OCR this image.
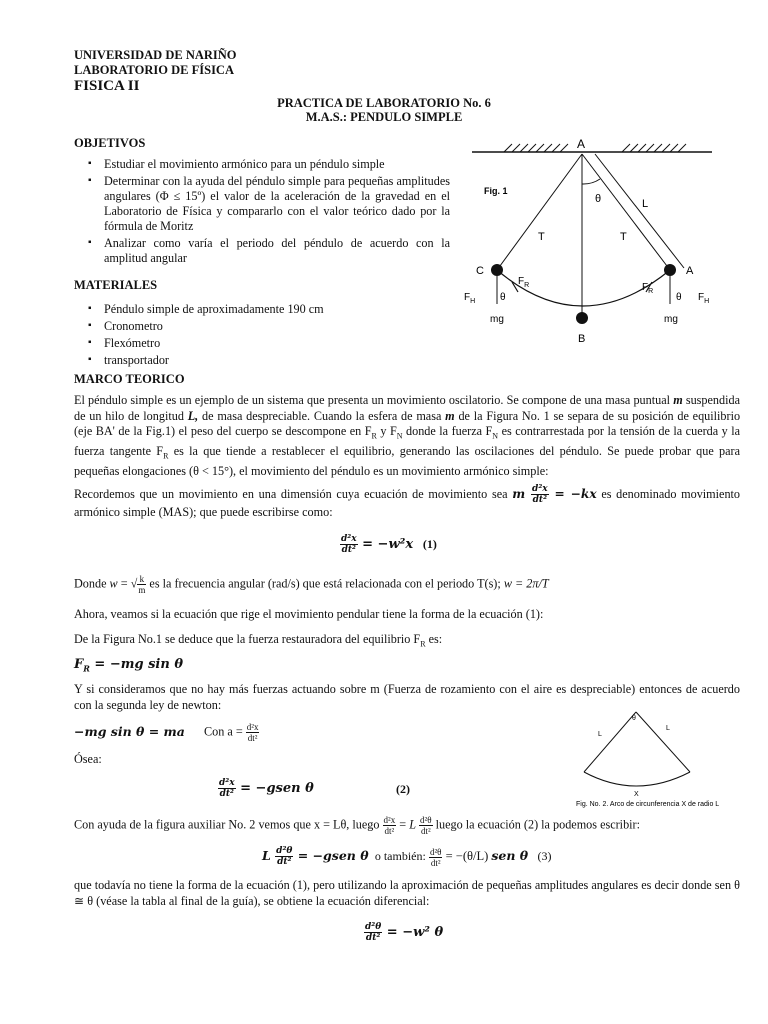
UNIVERSIDAD DE NARIÑO
LABORATORIO DE FÍSICA
FISICA II
PRACTICA DE LABORATORIO No. 6
M.A.S.: PENDULO SIMPLE
OBJETIVOS
▪ Estudiar el movimiento armónico para un péndulo simple
▪ Determinar con la ayuda del péndulo simple para pequeñas amplitudes angulares (Φ ≤ 15º) el valor de la aceleración de la gravedad en el Laboratorio de Física y compararlo con el valor teórico dado por la fórmula de Moritz
▪ Analizar como varía el periodo del péndulo de acuerdo con la amplitud angular
MATERIALES
▪ Péndulo simple de aproximadamente 190 cm
▪ Cronometro
▪ Flexómetro
▪ transportador
A
Fig. 1
θ	L
T	T
C	A
B
mg	mg
θ	θ
$F_R$	$F_R$
$F_H$	$F_H$
MARCO TEORICO
El péndulo simple es un ejemplo de un sistema que presenta un movimiento oscilatorio. Se compone de una masa puntual m suspendida de un hilo de longitud L, de masa despreciable. Cuando la esfera de masa m de la Figura No. 1 se separa de su posición de equilibrio (eje BA' de la Fig.1) el peso del cuerpo se descompone en $F_R$ y $F_N$ donde la fuerza $F_N$ es contrarrestada por la tensión de la cuerda y la fuerza tangente $F_R$ es la que tiende a restablecer el equilibrio, generando las oscilaciones del péndulo. Se puede probar que para pequeñas elongaciones (θ < 15°), el movimiento del péndulo es un movimiento armónico simple:
Recordemos que un movimiento en una dimensión cuya ecuación de movimiento sea m $\frac{\text{d²x}}{\text{dt²}} = -kx$ es denominado movimiento armónico simple (MAS); que puede escribirse como:
$\frac{\text{d²x}}{\text{dt²}} = -w^2x$ (1)
Donde w = √ $\frac{k}{m}$ es la frecuencia angular (rad/s) que está relacionada con el periodo T(s); w = 2π/T
Ahora, veamos si la ecuación que rige el movimiento pendular tiene la forma de la ecuación (1):
De la Figura No.1 se deduce que la fuerza restauradora del equilibrio $F_R$ es:
$F_R = -mg$ sin θ
Y si consideramos que no hay más fuerzas actuando sobre m (Fuerza de rozamiento con el aire es despreciable) entonces de acuerdo con la segunda ley de newton:
−mg sin θ = ma Con $a = \frac{\text{d²x}}{\text{dt²}}$
Ósea:
$\frac{\text{d²x}}{\text{dt²}}$ = −gsen θ	(2)
θ
L
L
X
Fig. No. 2. Arco de circunferencia X de radio L
Con ayuda de la figura auxiliar No. 2 vemos que x = Lθ, luego $\frac{\text{d²x}}{\text{dt²}} = L \frac{\text{d²θ}}{\text{dt²}}$ luego la ecuación (2) la podemos escribir:
L $\frac{\text{d²θ}}{\text{dt²}}$ = −gsen θ o también: $\frac{\text{d²θ}}{\text{dt²}} = -(\theta/L)$ sen θ (3)
que todavía no tiene la forma de la ecuación (1), pero utilizando la aproximación de pequeñas amplitudes angulares es decir donde sen θ ≅ θ (véase la tabla al final de la guía), se obtiene la ecuación diferencial:
$\frac{\text{d²θ}}{\text{dt²}} = -w^2$ θ
